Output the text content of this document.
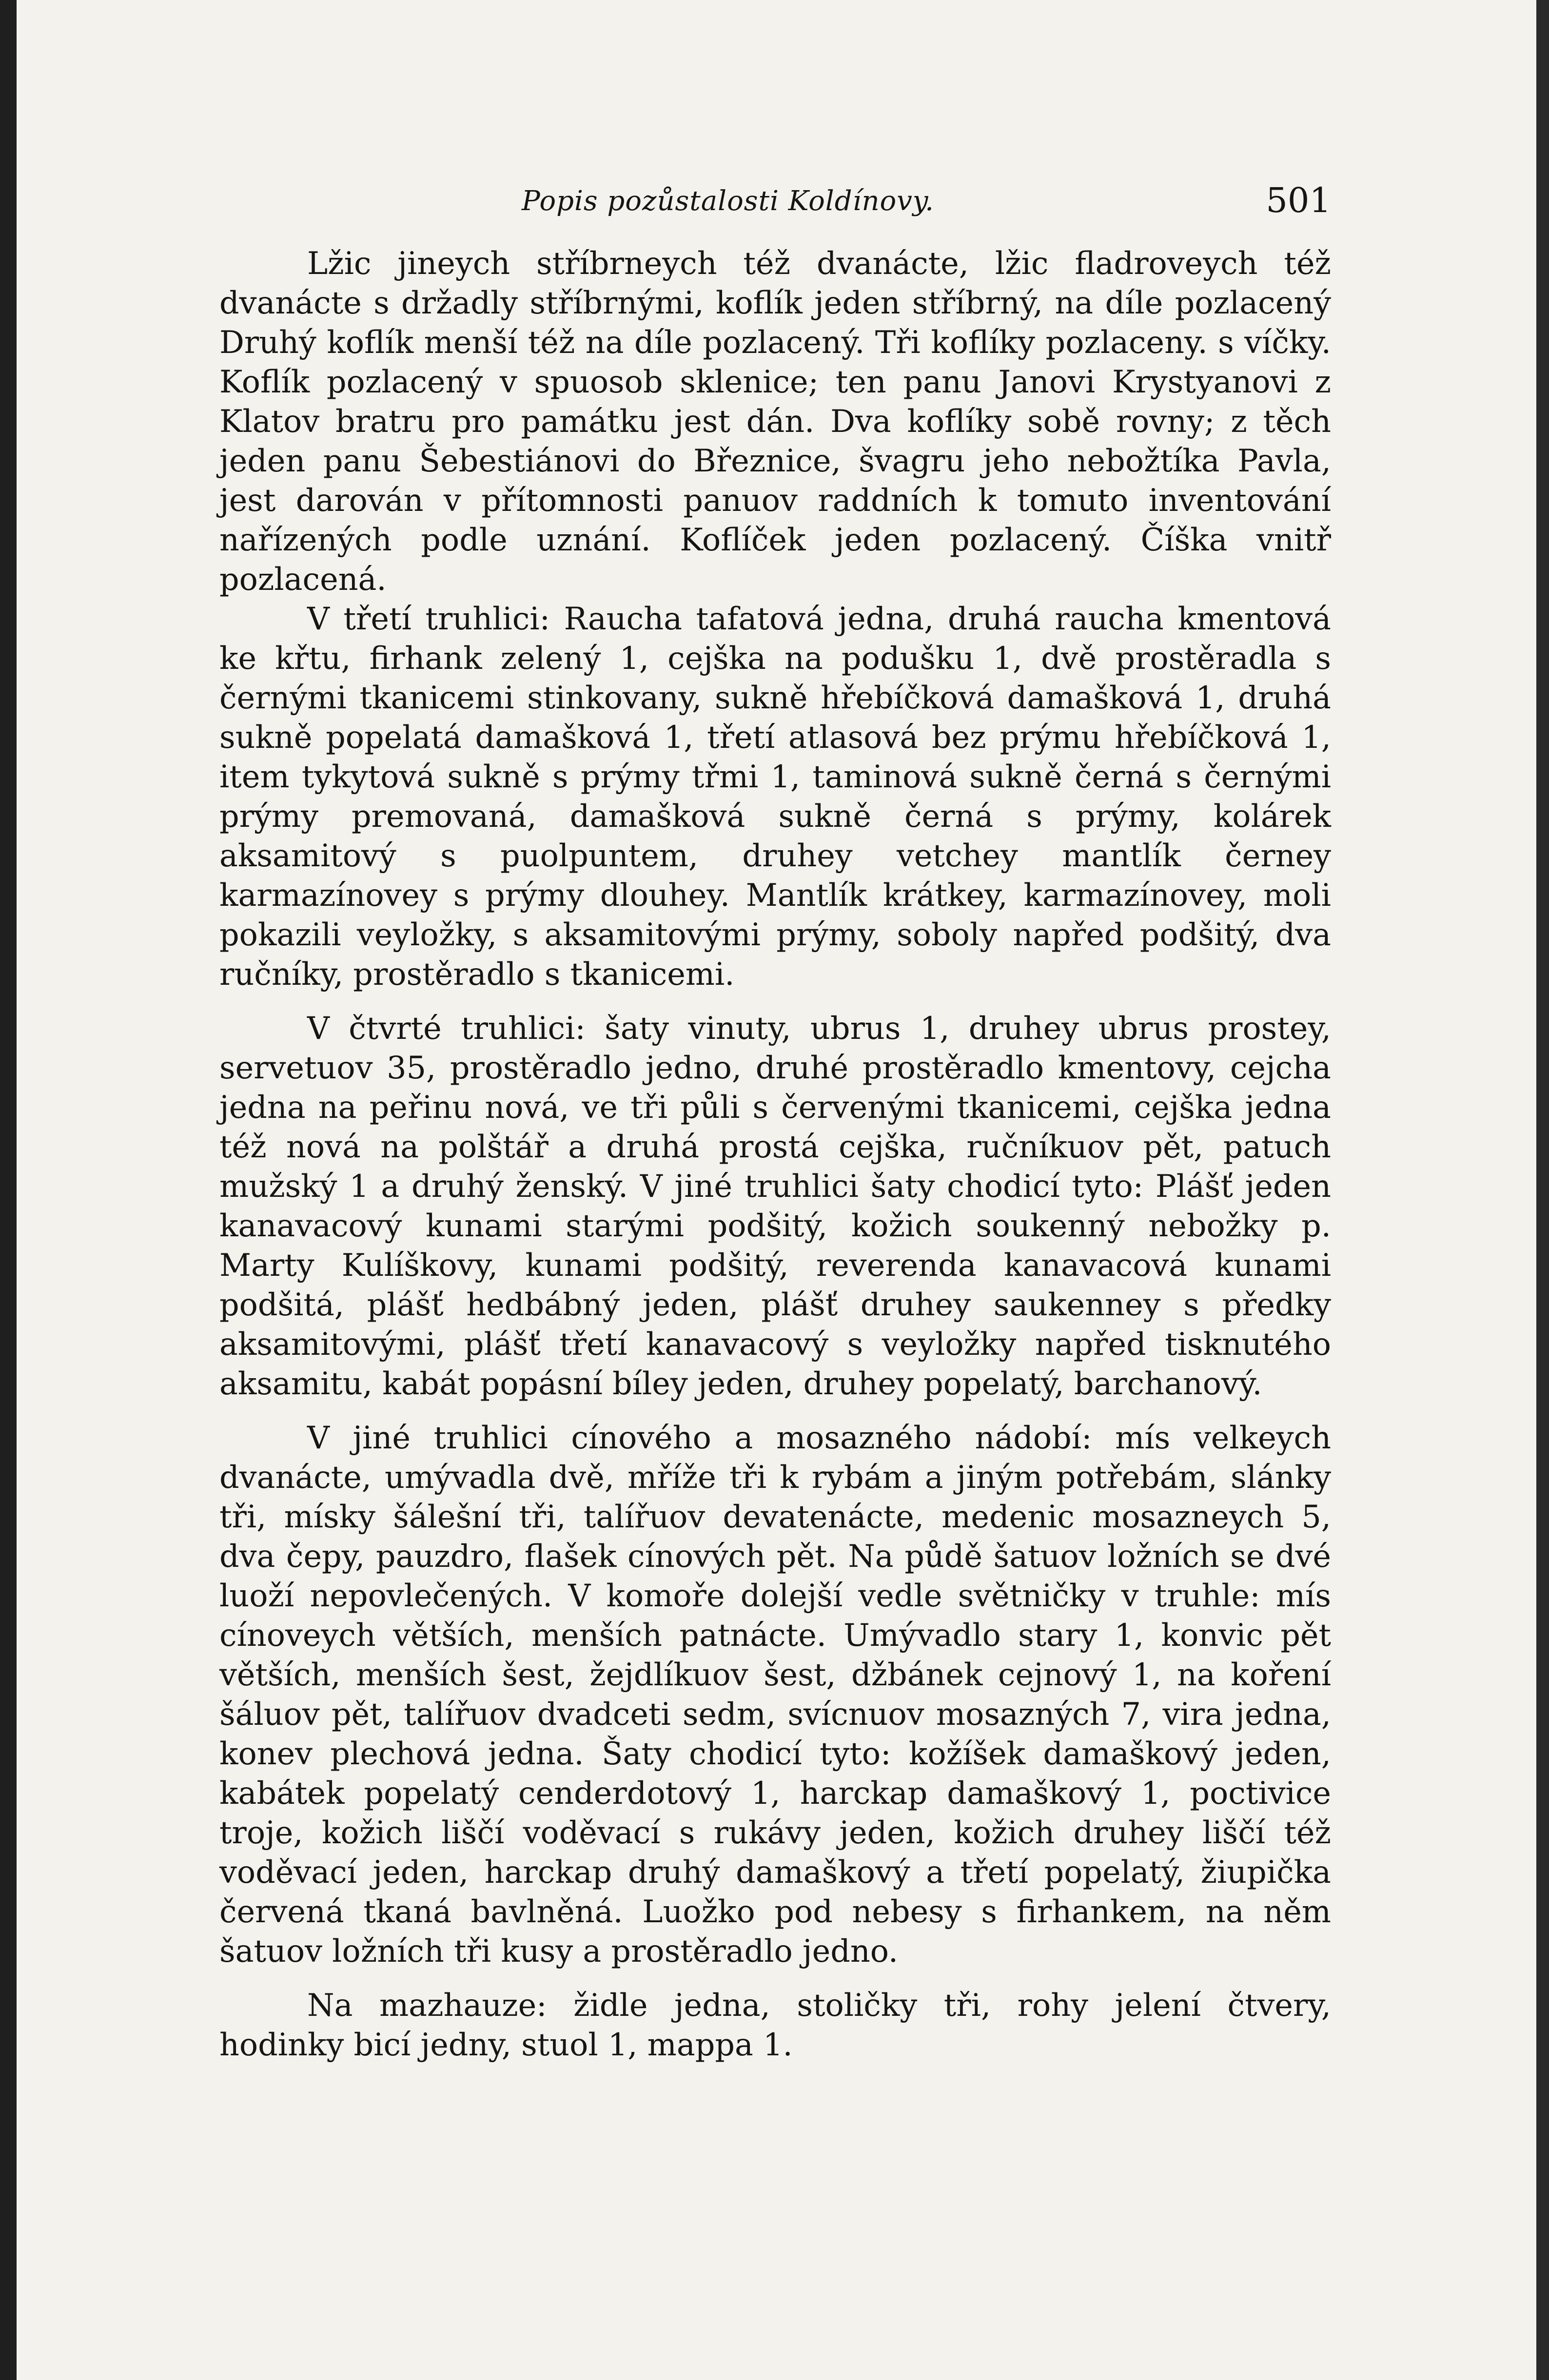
Popis pozůstalosti Koldínovy.	501

Lžic jineych stříbrneych též dvanácte, lžic fladroveych též dvanácte s držadly stříbrnými, koflík jeden stříbrný, na díle pozlacený Druhý koflík menší též na díle pozlacený. Tři koflíky pozlaceny. s víčky. Koflík pozlacený v spuosob sklenice; ten panu Janovi Krystyanovi z Klatov bratru pro památku jest dán. Dva koflíky sobě rovny; z těch jeden panu Šebestiánovi do Březnice, švagru jeho nebožtíka Pavla, jest darován v přítomnosti panuov raddních k tomuto inventování nařízených podle uznání. Koflíček jeden pozlacený. Číška vnitř pozlacená.

V třetí truhlici: Raucha tafatová jedna, druhá raucha kmentová ke křtu, firhank zelený 1, cejška na podušku 1, dvě prostěradla s černými tkanicemi stinkovany, sukně hřebíčková damašková 1, druhá sukně popelatá damašková 1, třetí atlasová bez prýmu hřebíčková 1, item tykytová sukně s prýmy třmi 1, taminová sukně černá s černými prýmy premovaná, damašková sukně černá s prýmy, kolárek aksamitový s puolpuntem, druhey vetchey mantlík černey karmazínovey s prýmy dlouhey. Mantlík krátkey, karmazínovey, moli pokazili veyložky, s aksamitovými prýmy, soboly napřed podšitý, dva ručníky, prostěradlo s tkanicemi.

V čtvrté truhlici: šaty vinuty, ubrus 1, druhey ubrus prostey, servetuov 35, prostěradlo jedno, druhé prostěradlo kmentovy, cejcha jedna na peřinu nová, ve tři půli s červenými tkanicemi, cejška jedna též nová na polštář a druhá prostá cejška, ručníkuov pět, patuch mužský 1 a druhý ženský. V jiné truhlici šaty chodicí tyto: Plášť jeden kanavacový kunami starými podšitý, kožich soukenný nebožky p. Marty Kulíškovy, kunami podšitý, reverenda kanavacová kunami podšitá, plášť hedbábný jeden, plášť druhey saukenney s předky aksamitovými, plášť třetí kanavacový s veyložky napřed tisknutého aksamitu, kabát popásní bíley jeden, druhey popelatý, barchanový.

V jiné truhlici cínového a mosazného nádobí: mís velkeych dvanácte, umývadla dvě, mříže tři k rybám a jiným potřebám, slánky tři, mísky šálešní tři, talířuov devatenácte, medenic mosazneych 5, dva čepy, pauzdro, flašek cínových pět. Na půdě šatuov ložních se dvé luoží nepovlečených. V komoře dolejší vedle světničky v truhle: mís cínoveych větších, menších patnácte. Umývadlo stary 1, konvic pět větších, menších šest, žejdlíkuov šest, džbánek cejnový 1, na koření šáluov pět, talířuov dvadceti sedm, svícnuov mosazných 7, vira jedna, konev plechová jedna. Šaty chodicí tyto: kožíšek damaškový jeden, kabátek popelatý cenderdotový 1, harckap damaškový 1, poctivice troje, kožich liščí voděvací s rukávy jeden, kožich druhey liščí též voděvací jeden, harckap druhý damaškový a třetí popelatý, žiupička červená tkaná bavlněná. Luožko pod nebesy s firhankem, na něm šatuov ložních tři kusy a prostěradlo jedno.

Na mazhauze: židle jedna, stoličky tři, rohy jelení čtvery, hodinky bicí jedny, stuol 1, mappa 1.
